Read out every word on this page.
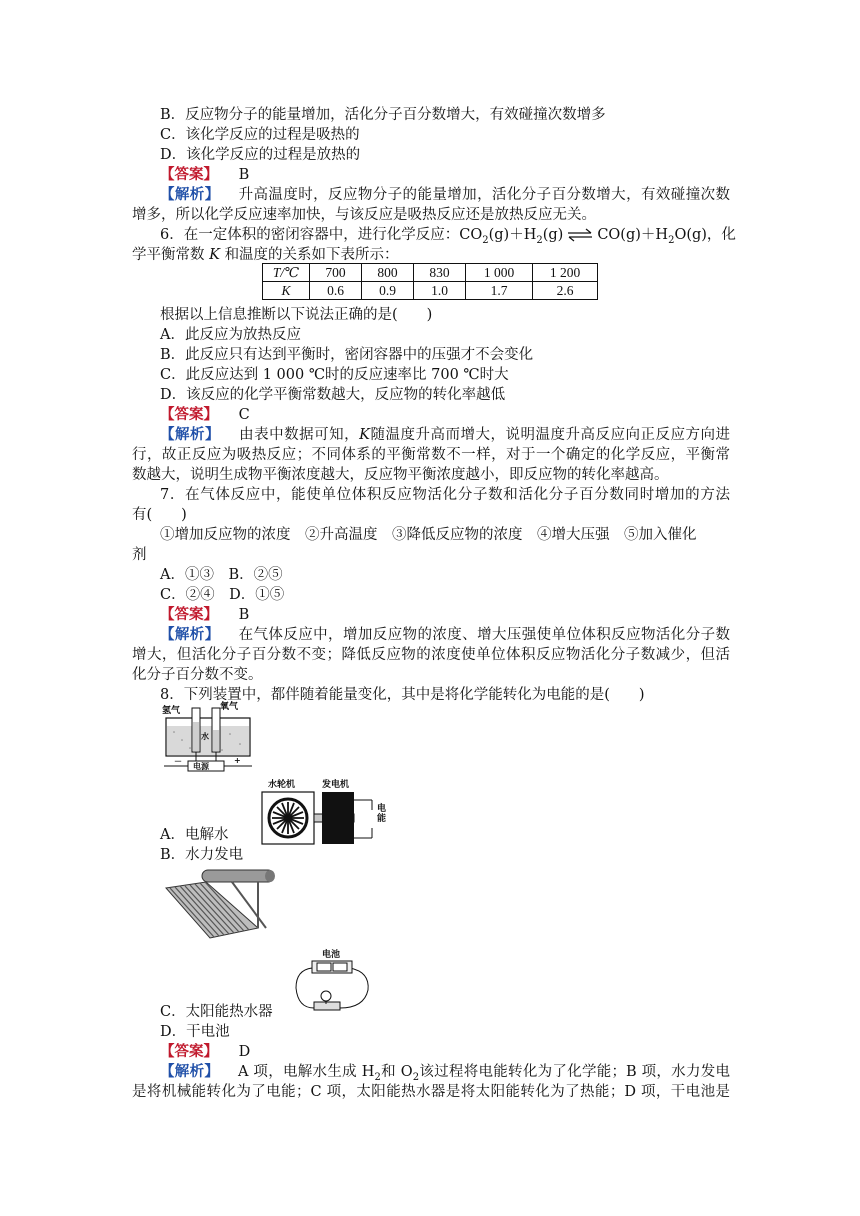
B．反应物分子的能量增加，活化分子百分数增大，有效碰撞次数增多
C．该化学反应的过程是吸热的
D．该化学反应的过程是放热的
【答案】 B
【解析】 升高温度时，反应物分子的能量增加，活化分子百分数增大，有效碰撞次数
增多，所以化学反应速率加快，与该反应是吸热反应还是放热反应无关。
6．在一定体积的密闭容器中，进行化学反应：$CO_2(g)+H_2(g)$ ⇌ $CO(g)+H_2O(g)$，化
学平衡常数 K 和温度的关系如下表所示：
T/℃	700	800	830	1 000	1 200
K	0.6	0.9	1.0	1.7	2.6
根据以上信息推断以下说法正确的是(　　)
A．此反应为放热反应
B．此反应只有达到平衡时，密闭容器中的压强才不会变化
C．此反应达到 1 000 ℃时的反应速率比 700 ℃时大
D．该反应的化学平衡常数越大，反应物的转化率越低
【答案】 C
【解析】 由表中数据可知，K随温度升高而增大，说明温度升高反应向正反应方向进
行，故正反应为吸热反应；不同体系的平衡常数不一样，对于一个确定的化学反应，平衡常
数越大，说明生成物平衡浓度越大，反应物平衡浓度越小，即反应物的转化率越高。
7．在气体反应中，能使单位体积反应物活化分子数和活化分子百分数同时增加的方法
有(　　)
①增加反应物的浓度　②升高温度　③降低反应物的浓度　④增大压强　⑤加入催化
剂
A．①③　B．②⑤
C．②④　D．①⑤
【答案】 B
【解析】 在气体反应中，增加反应物的浓度、增大压强使单位体积反应物活化分子数
增大，但活化分子百分数不变；降低反应物的浓度使单位体积反应物活化分子数减少，但活
化分子百分数不变。
8．下列装置中，都伴随着能量变化，其中是将化学能转化为电能的是(　　)
氢气	氧气
水
电源
－	+
水轮机	发电机
电能
A．电解水
B．水力发电
电池
C．太阳能热水器
D．干电池
【答案】 D
【解析】 A 项，电解水生成 $H_2$和 $O_2$该过程将电能转化为了化学能；B 项，水力发电
是将机械能转化为了电能；C 项，太阳能热水器是将太阳能转化为了热能；D 项，干电池是
